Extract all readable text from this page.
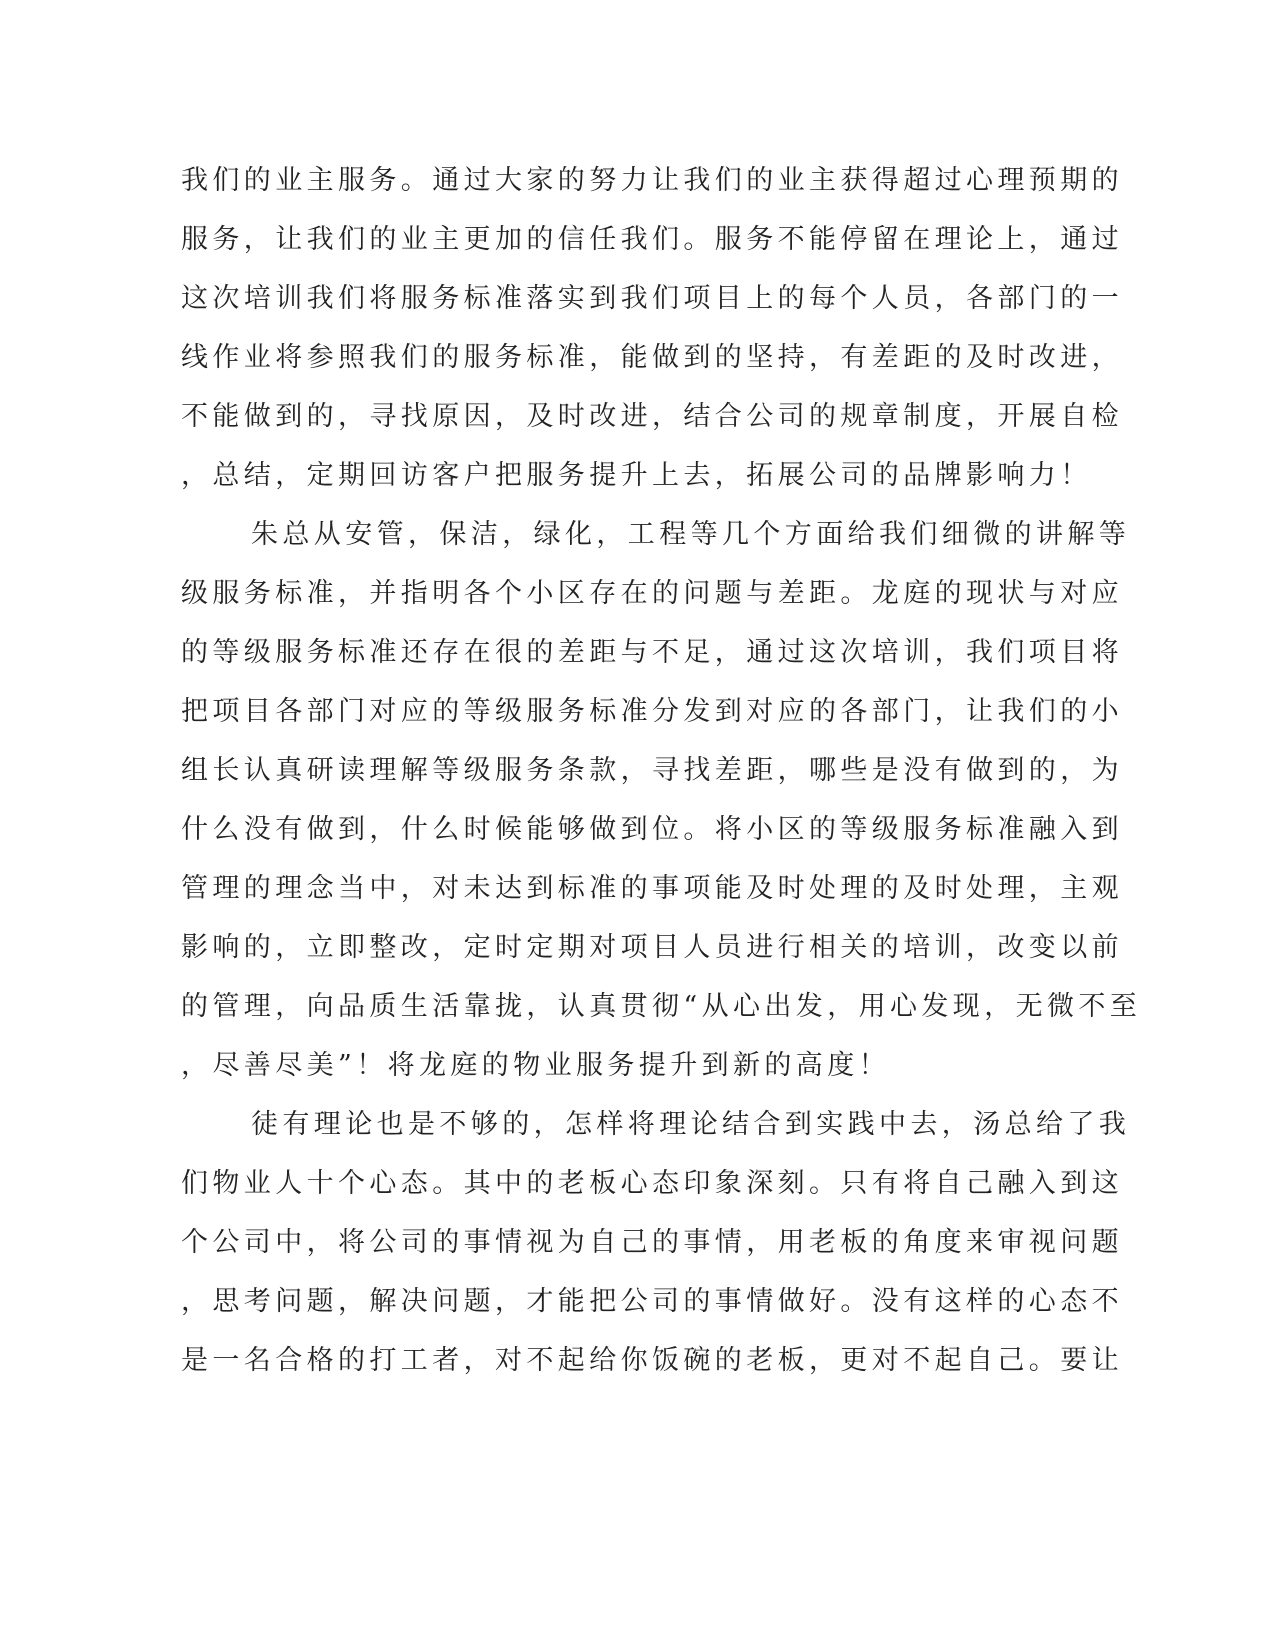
我们的业主服务。通过大家的努力让我们的业主获得超过心理预期的
服务，让我们的业主更加的信任我们。服务不能停留在理论上，通过
这次培训我们将服务标准落实到我们项目上的每个人员，各部门的一
线作业将参照我们的服务标准，能做到的坚持，有差距的及时改进，
不能做到的，寻找原因，及时改进，结合公司的规章制度，开展自检
，总结，定期回访客户把服务提升上去，拓展公司的品牌影响力！
朱总从安管，保洁，绿化，工程等几个方面给我们细微的讲解等
级服务标准，并指明各个小区存在的问题与差距。龙庭的现状与对应
的等级服务标准还存在很的差距与不足，通过这次培训，我们项目将
把项目各部门对应的等级服务标准分发到对应的各部门，让我们的小
组长认真研读理解等级服务条款，寻找差距，哪些是没有做到的，为
什么没有做到，什么时候能够做到位。将小区的等级服务标准融入到
管理的理念当中，对未达到标准的事项能及时处理的及时处理，主观
影响的，立即整改，定时定期对项目人员进行相关的培训，改变以前
的管理，向品质生活靠拢，认真贯彻“从心出发，用心发现，无微不至
，尽善尽美”！将龙庭的物业服务提升到新的高度！
徒有理论也是不够的，怎样将理论结合到实践中去，汤总给了我
们物业人十个心态。其中的老板心态印象深刻。只有将自己融入到这
个公司中，将公司的事情视为自己的事情，用老板的角度来审视问题
，思考问题，解决问题，才能把公司的事情做好。没有这样的心态不
是一名合格的打工者，对不起给你饭碗的老板，更对不起自己。要让
